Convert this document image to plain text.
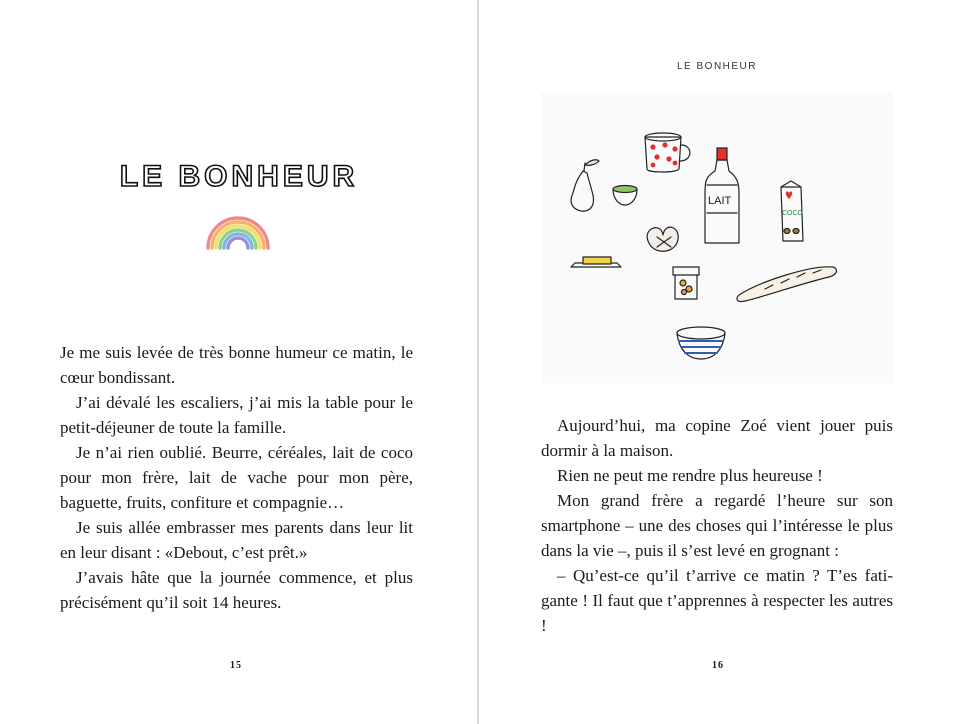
LE BONHEUR

Je me suis levée de très bonne humeur ce matin, le cœur bondissant.

J’ai dévalé les escaliers, j’ai mis la table pour le petit-déjeuner de toute la famille.

Je n’ai rien oublié. Beurre, céréales, lait de coco pour mon frère, lait de vache pour mon père, baguette, fruits, confiture et compagnie…

Je suis allée embrasser mes parents dans leur lit en leur disant : «Debout, c’est prêt.»

J’avais hâte que la journée commence, et plus précisément qu’il soit 14 heures.

15
LE BONHEUR
LAIT
COCO

Aujourd’hui, ma copine Zoé vient jouer puis dormir à la maison.

Rien ne peut me rendre plus heureuse !

Mon grand frère a regardé l’heure sur son smartphone – une des choses qui l’intéresse le plus dans la vie –, puis il s’est levé en grognant :

– Qu’est-ce qu’il t’arrive ce matin ? T’es fati-gante ! Il faut que t’apprennes à respecter les autres !

16
